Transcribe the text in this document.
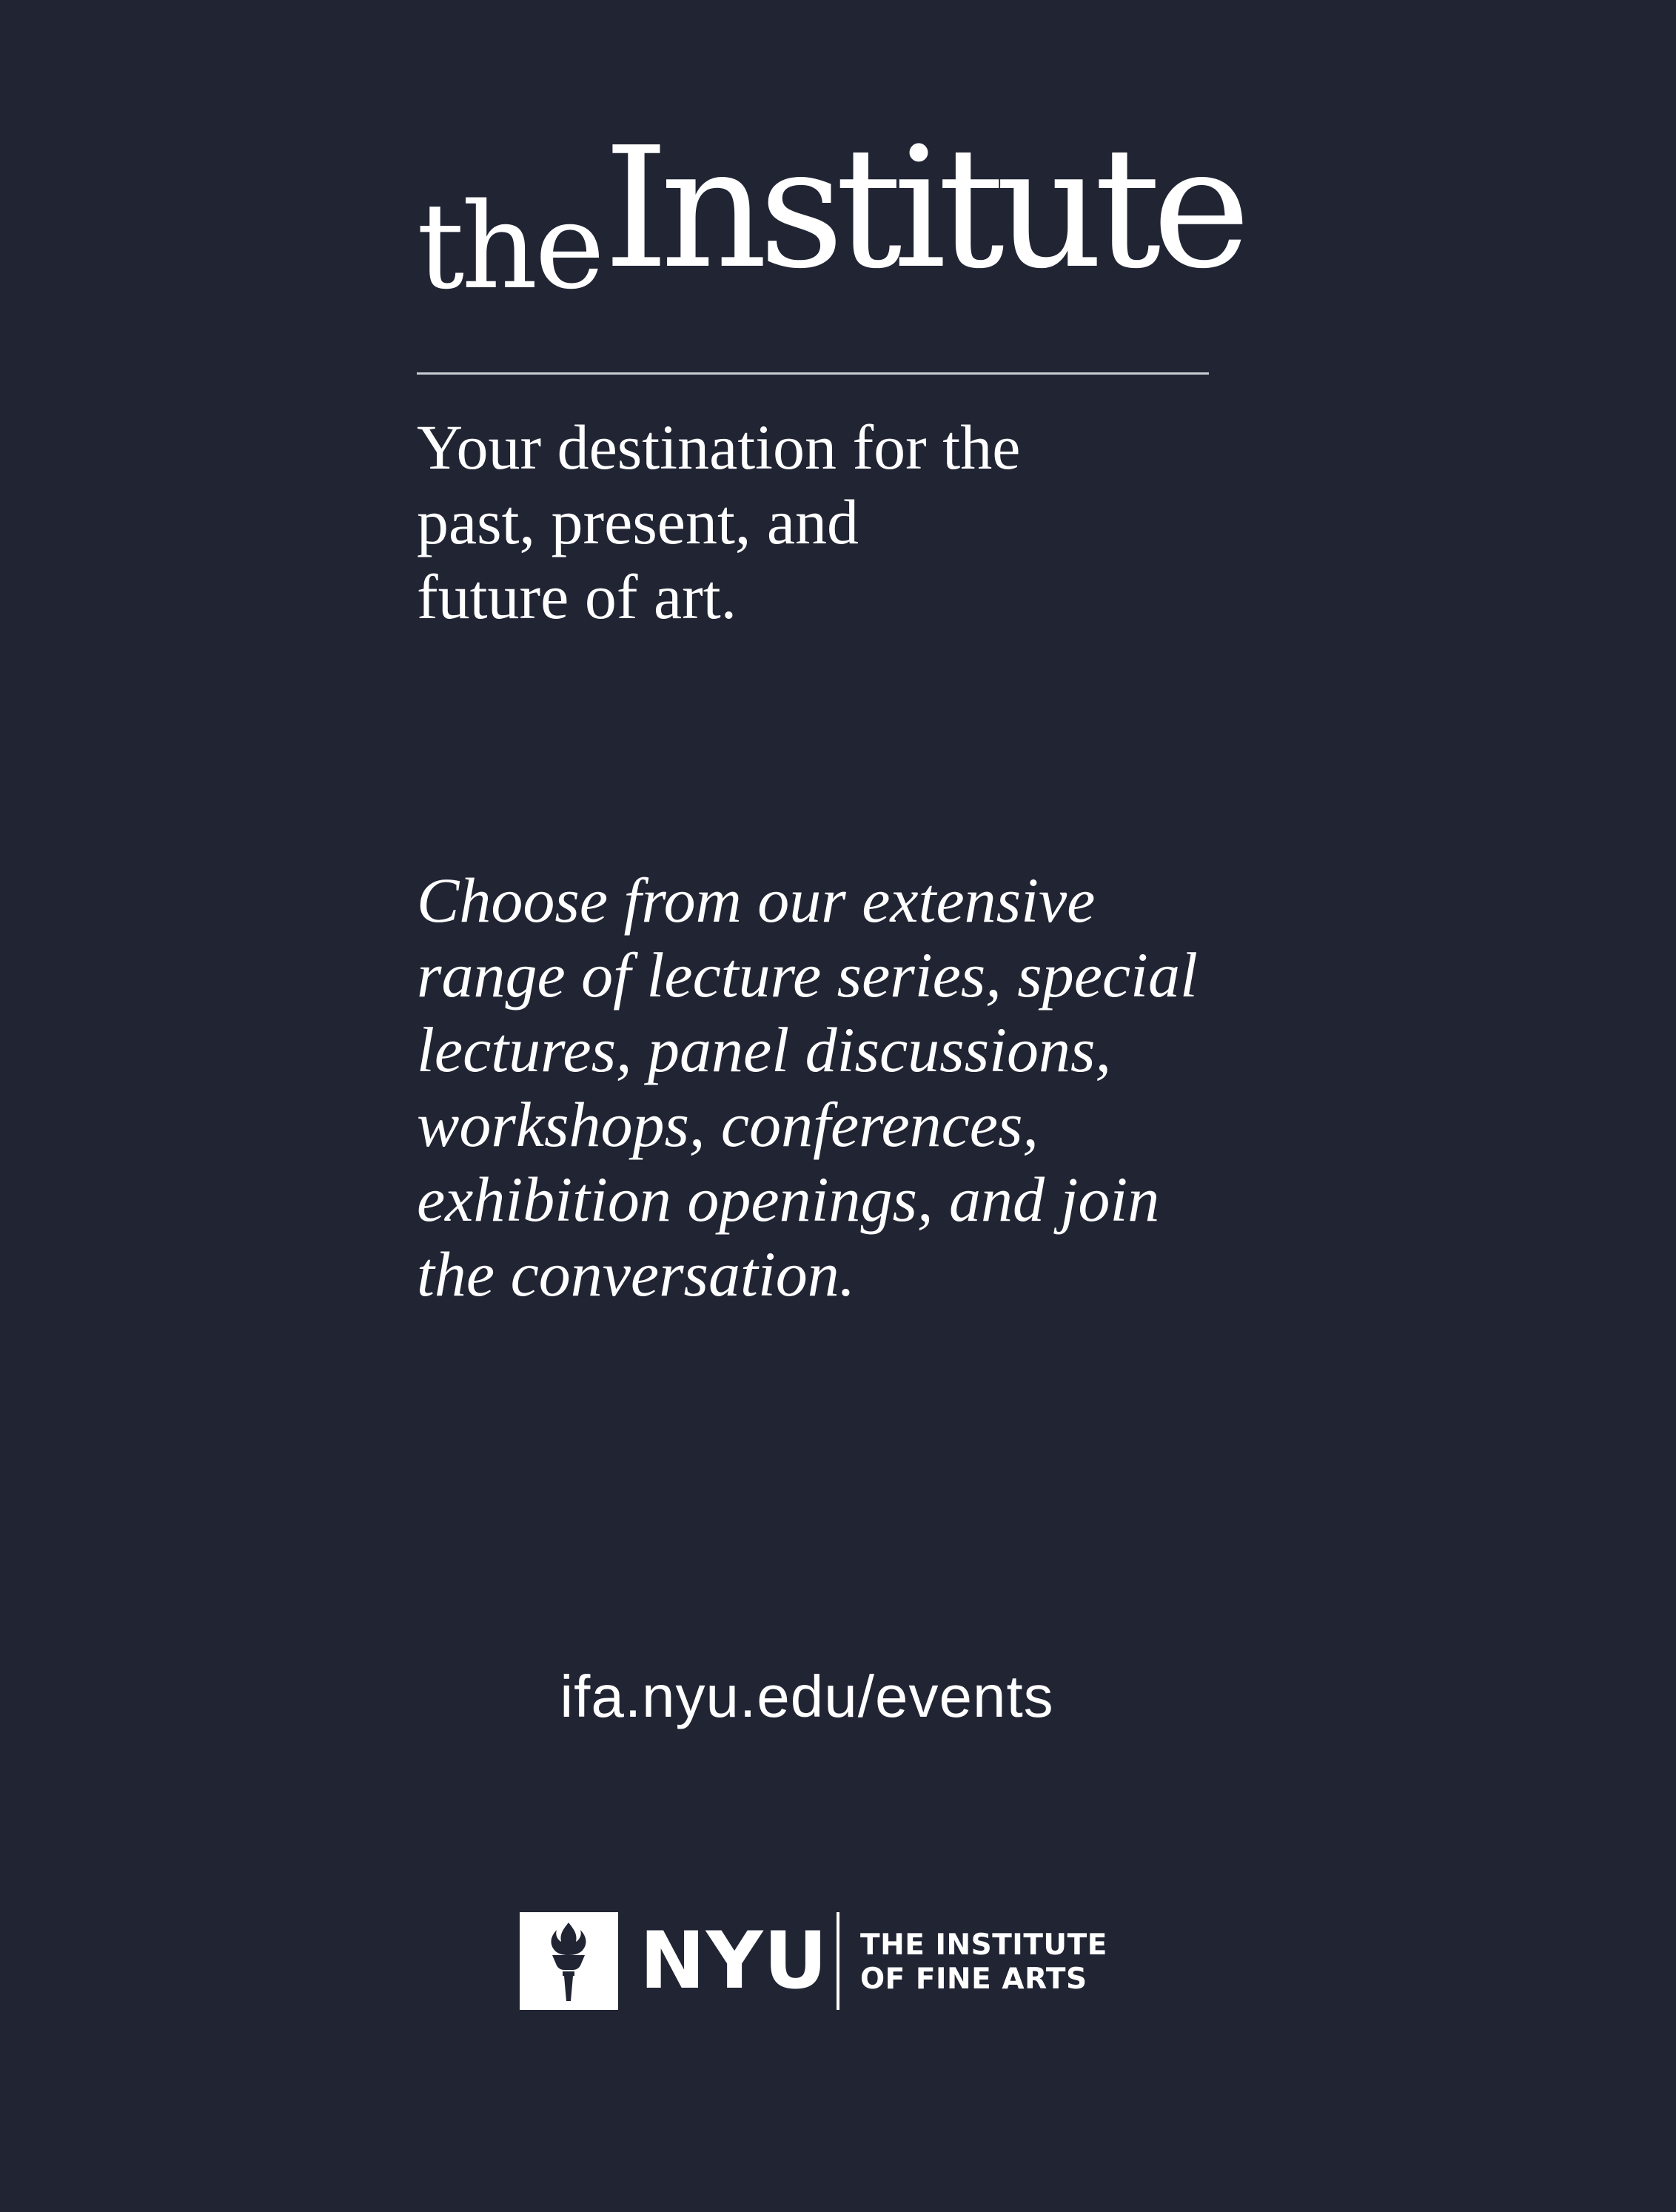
the Institute
Your destination for the
past, present, and
future of art.
Choose from our extensive
range of lecture series, special
lectures, panel discussions,
workshops, conferences,
exhibition openings, and join
the conversation.
ifa.nyu.edu/events
NYU THE INSTITUTE
OF FINE ARTS
